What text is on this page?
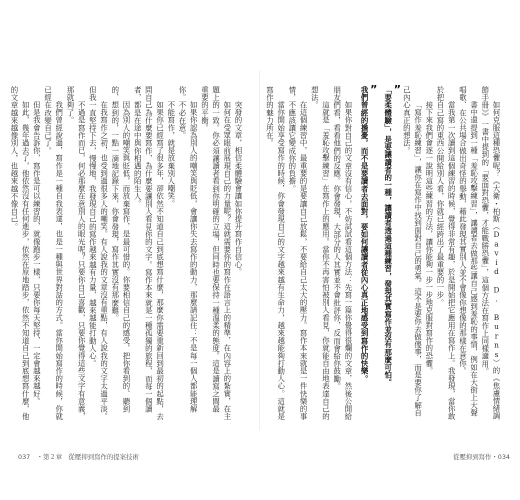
突發的文章，相信柔體驗會讓如你提升寫作自信心。

如何在受眾眼前展現自己的力量呢？這就需要你的寫作在語言上的精準，在內容上的紮實，在主題上的一致。你必須讓讀者看到你明確的立場，但同時也要保持一種溫柔的態度。這是讀寫之間最重要的平衡。

如果你認為別人的嘲笑與貶低，會讓你失去寫作的動力，那麼請記住：不是每一個人都能理解你。不必在意。

不能寫作，就是放棄別人嘲笑。

如果你已經寫了很多年，卻依然不知道自己到底想寫什麼，那麼你需要重新回到最初的起點，去問自己為什麼要寫作，為什麼要讓別人看見你的文字。寫作本來就是一種孤獨的旅程，而每一個讀者，都是在途中與你相遇的陌生人。

因為別人的嘲笑與貶低，而放棄寫作，是最可惜的。你要相信自己的感受，把你看到的、聽到的、想到的，一點一滴地記錄下來，你會發現，寫作其實沒有那麼難。

在我寫作之初，也受到過很多人的嘲笑。有人說我的文章沒有重點，有人說我的文字太過平淡。但我一直堅持下去，慢慢地，我發現自己的寫作越來越有力量，越來越能打動人心。

不過是寫作而已，何必那麼在意別人的眼光呢？只要你自己喜歡，只要你覺得這些文字有意義，那就夠了。

我們曾經說過，寫作是一種自我表達，也是一種與世界對話的方式。當你開始寫作的時候，你就已經在改變自己了。

但是我會告訴你，寫作是可以練習的，就像跑步一樣，只要你每天堅持，一定會越來越好。

如此，幾年過去了，他依然沒有任何進步，依然在原地踏步，依然不知道自己到底想寫什麼，他的文章越來越像別人，也越來越不像自己。

037　・第２章　從壓抑到寫作的提案技術

如何克服這種恐懼呢？《大衛・柏斯（David D. Burns）的《焦慮情緒調節手冊》》一書中提到的「要面對恐懼，才能戰勝恐懼」，這個方法在寫作上同樣適用。

書中還提到一種「羞恥攻擊練習」，讓讀者去做那些讓自己感到羞恥的事情，例如在大街上大聲唱歌、在公共場合做出奇怪的舉動，藉此發現其實別人並不會像你想像的那樣在意你。

當我第一次讀到這個練習的時候，覺得非常有趣，於是開始把它應用在寫作上。我發現，當你敢於把自己寫的東西公開給別人看，你就已經跨出了最重要的一步。

接下來我們會逐一說明這些練習的方法，讓你能夠一步一步地克服對寫作的恐懼。

「寫作羞恥練習」，讓你在寫作中找到面對自己的勇氣。這不是要你去做傻事，而是要你了解自己內心真正的想法。

”
「要柔體驗」，是要讓讀者的一種，讓讀者透過這種練習，發現其實寫作並沒有那麼可怕。

”
我們曾經的擔憂，而不是要讀者去面對，要如何讓讀者從內心真正地感受到寫作的快樂。

如果你對自己的文章沒有信心，不妨試試看這個方法：先寫一篇你覺得很爛的文章，然後公開給朋友們看，看看他們的反應。你會發現，大部分的人其實並不會批評你，反而會給你鼓勵。

這就是「羞恥攻擊練習」在寫作上的應用。當你不再害怕被別人看見，你就能自由地表達自己的想法。

在這個練習中，最重要的是要讓自己放鬆，不要給自己太大的壓力。寫作本來就是一件快樂的事情，不應該讓它變成你的負擔。

當你開始享受寫作的時候，你會發現自己的文字越來越有生命力，越來越能夠打動人心。這就是寫作的魅力所在。

從壓抑到寫作・034
